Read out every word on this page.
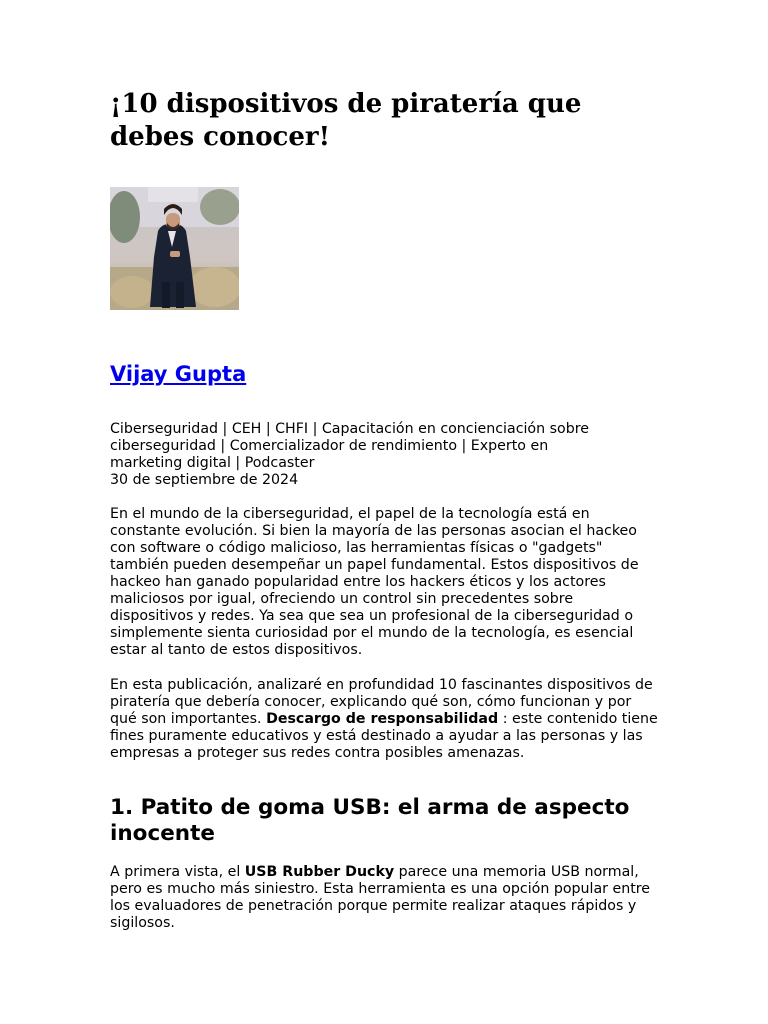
¡10 dispositivos de piratería que debes conocer!
Vijay Gupta

Ciberseguridad | CEH | CHFI | Capacitación en concienciación sobre
ciberseguridad | Comercializador de rendimiento | Experto en
marketing digital | Podcaster
30 de septiembre de 2024

En el mundo de la ciberseguridad, el papel de la tecnología está en constante evolución. Si bien la mayoría de las personas asocian el hackeo con software o código malicioso, las herramientas físicas o "gadgets" también pueden desempeñar un papel fundamental. Estos dispositivos de hackeo han ganado popularidad entre los hackers éticos y los actores maliciosos por igual, ofreciendo un control sin precedentes sobre dispositivos y redes. Ya sea que sea un profesional de la ciberseguridad o simplemente sienta curiosidad por el mundo de la tecnología, es esencial estar al tanto de estos dispositivos.

En esta publicación, analizaré en profundidad 10 fascinantes dispositivos de piratería que debería conocer, explicando qué son, cómo funcionan y por qué son importantes. Descargo de responsabilidad : este contenido tiene fines puramente educativos y está destinado a ayudar a las personas y las empresas a proteger sus redes contra posibles amenazas.

1. Patito de goma USB: el arma de aspecto inocente

A primera vista, el USB Rubber Ducky parece una memoria USB normal, pero es mucho más siniestro. Esta herramienta es una opción popular entre los evaluadores de penetración porque permite realizar ataques rápidos y sigilosos.
